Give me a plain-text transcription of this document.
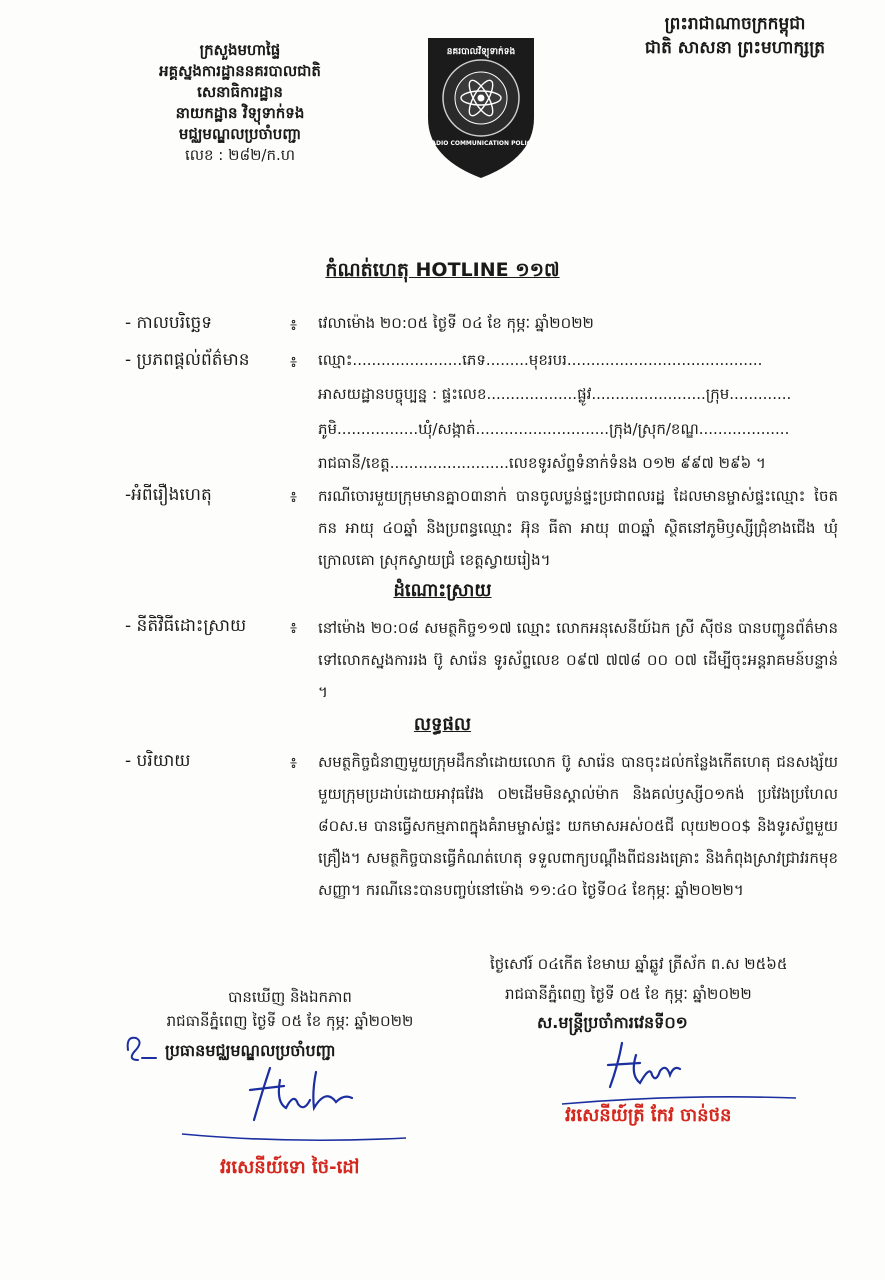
ក្រសួងមហាផ្ទៃ
អគ្គស្នងការដ្ឋាននគរបាលជាតិ
សេនាធិការដ្ឋាន
នាយកដ្ឋាន វិទ្យុទាក់ទង
មជ្ឈមណ្ឌលប្រចាំបញ្ជា
លេខ : ២៨២/ក.ហ
នគរបាលវិទ្យុទាក់ទង
RADIO COMMUNICATION POLICE
ព្រះរាជាណាចក្រកម្ពុជា
ជាតិ សាសនា ព្រះមហាក្សត្រ
កំណត់ហេតុ HOTLINE ១១៧
- កាលបរិច្ឆេទ	៖ វេលាម៉ោង ២០:០៥ ថ្ងៃទី ០៤ ខែ កុម្ភៈ ឆ្នាំ២០២២
- ប្រភពផ្តល់ព័ត៌មាន	៖ ឈ្មោះ.......................ភេទ.........មុខរបរ.........................................
អាសយដ្ឋានបច្ចុប្បន្ន : ផ្ទះលេខ...................ផ្លូវ........................ក្រុម.............
ភូមិ.................ឃុំ/សង្កាត់............................ក្រុង/ស្រុក/ខណ្ឌ...................
រាជធានី/ខេត្ត.........................លេខទូរស័ព្ទទំនាក់ទំនង ០១២ ៩៩៧ ២៩៦ ។
-អំពីរឿងហេតុ	៖ ករណីចោរមួយក្រុមមានគ្នា០៣នាក់ បានចូលប្លន់ផ្ទះប្រជាពលរដ្ឋ ដែលមានម្ចាស់ផ្ទះឈ្មោះ ចៃត កន អាយុ ៤០ឆ្នាំ និងប្រពន្ធឈ្មោះ អ៊ុន ធីតា អាយុ ៣០ឆ្នាំ ស្ថិតនៅភូមិឫស្សីជ្រុំខាងជើង ឃុំក្រោលគោ ស្រុកស្វាយជ្រំ ខេត្តស្វាយរៀង។
ដំណោះស្រាយ
- នីតិវិធីដោះស្រាយ	៖ នៅម៉ោង ២០:០៨ សមត្ថកិច្ច១១៧ ឈ្មោះ លោកអនុសេនីយ៍ឯក ស្រី ស៊ីថន បានបញ្ជូនព័ត៌មានទៅលោកស្នងការរង ប៊ូ សារ៉េន ទូរស័ព្ទលេខ ០៩៧ ៧៧៨ ០០ ០៧ ដើម្បីចុះអន្តរាគមន៍បន្ទាន់ ។
លទ្ធផល
- បរិយាយ	៖ សមត្ថកិច្ចជំនាញមួយក្រុមដឹកនាំដោយលោក ប៊ូ សារ៉េន បានចុះដល់កន្លែងកើតហេតុ ជនសង្ស័យមួយក្រុមប្រដាប់ដោយអាវុធវែង ០២ដើមមិនស្គាល់ម៉ាក និងគល់ឫស្សី០១កង់ ប្រវែងប្រហែល ៨០ស.ម បានធ្វើសកម្មភាពក្នុងគំរាមម្ចាស់ផ្ទះ យកមាសអស់០៥ជី លុយ២០០$ និងទូរស័ព្ទមួយគ្រឿង។ សមត្ថកិច្ចបានធ្វើកំណត់ហេតុ ទទួលពាក្យបណ្តឹងពីជនរងគ្រោះ និងកំពុងស្រាវជ្រាវរកមុខសញ្ញា។ ករណីនេះបានបញ្ចប់នៅម៉ោង ១១:៤០ ថ្ងៃទី០៤ ខែកុម្ភៈ ឆ្នាំ២០២២។
ថ្ងៃសៅរ៍ ០៤កើត ខែមាឃ ឆ្នាំឆ្លូវ ត្រីស័ក ព.ស ២៥៦៥
រាជធានីភ្នំពេញ ថ្ងៃទី ០៥ ខែ កុម្ភៈ ឆ្នាំ២០២២
ស.មន្ត្រីប្រចាំការវេនទី០១
វរសេនីយ៍ត្រី កែវ ចាន់ថន
បានឃើញ និងឯកភាព
រាជធានីភ្នំពេញ ថ្ងៃទី ០៥ ខែ កុម្ភៈ ឆ្នាំ២០២២
ប្រធានមជ្ឈមណ្ឌលប្រចាំបញ្ជា
វរសេនីយ៍ទោ ថៃ-ដៅ
